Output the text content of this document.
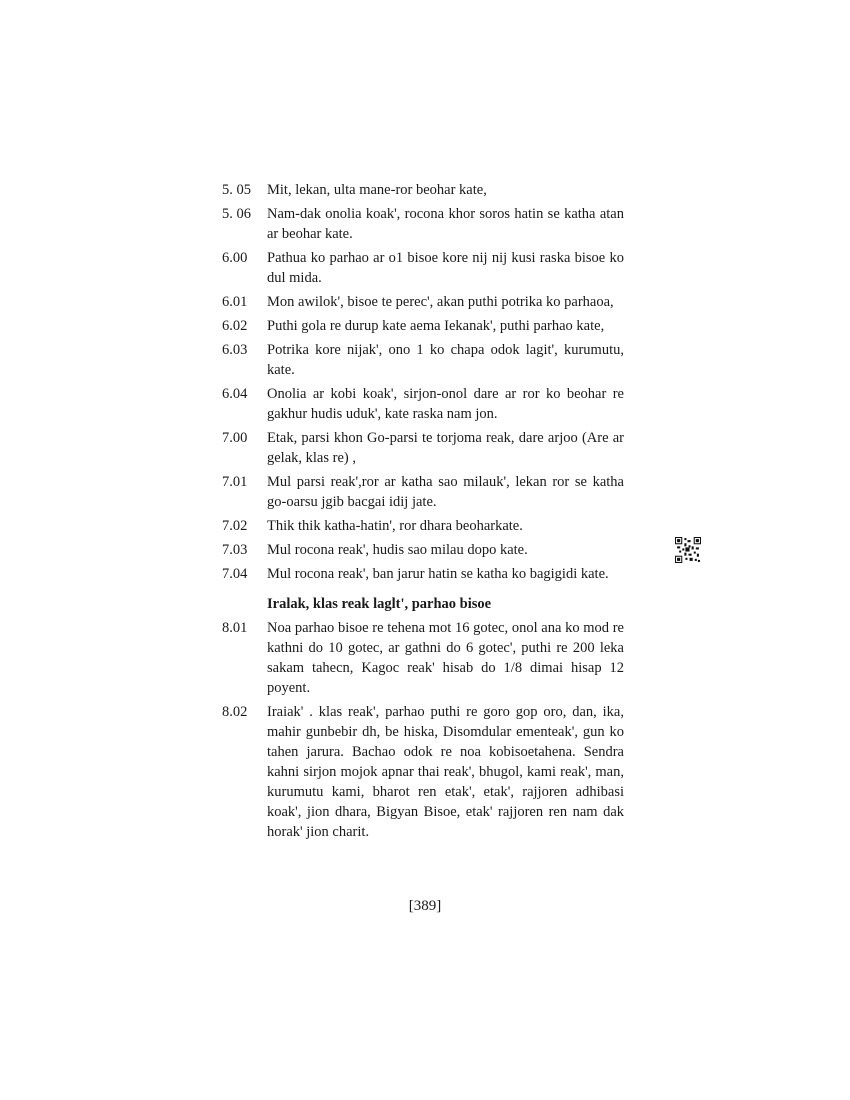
5. 05	Mit, lekan, ulta mane-ror beohar kate,
5. 06	Nam-dak onolia koak', rocona khor soros hatin se katha atan ar beohar kate.
6.00	Pathua ko parhao ar o1 bisoe kore nij nij kusi raska bisoe ko dul mida.
6.01	Mon awilok', bisoe te perec', akan puthi potrika ko parhaoa,
6.02	Puthi gola re durup kate aema Iekanak', puthi parhao kate,
6.03	Potrika kore nijak', ono 1 ko chapa odok lagit', kurumutu, kate.
6.04	Onolia ar kobi koak', sirjon-onol dare ar ror ko beohar re gakhur hudis uduk', kate raska nam jon.
7.00	Etak, parsi khon Go-parsi te torjoma reak, dare arjoo (Are ar gelak, klas re) ,
7.01	Mul parsi reak',ror ar katha sao milauk', lekan ror se katha go-oarsu jgib bacgai idij jate.
7.02	Thik thik katha-hatin', ror dhara beoharkate.
7.03	Mul rocona reak', hudis sao milau dopo kate.
7.04	Mul rocona reak', ban jarur hatin se katha ko bagigidi kate.
Iralak, klas reak laglt', parhao bisoe
8.01	Noa parhao bisoe re tehena mot 16 gotec, onol ana ko mod re kathni do 10 gotec, ar gathni do 6 gotec', puthi re 200 leka sakam tahecn, Kagoc reak' hisab do 1/8 dimai hisap 12 poyent.
8.02	Iraiak' . klas reak', parhao puthi re goro gop oro, dan, ika, mahir gunbebir dh, be hiska, Disomdular ementeak', gun ko tahen jarura. Bachao odok re noa kobisoetahena. Sendra kahni sirjon mojok apnar thai reak', bhugol, kami reak', man, kurumutu kami, bharot ren etak', etak', rajjoren adhibasi koak', jion dhara, Bigyan Bisoe, etak' rajjoren ren nam dak horak' jion charit.
[389]
